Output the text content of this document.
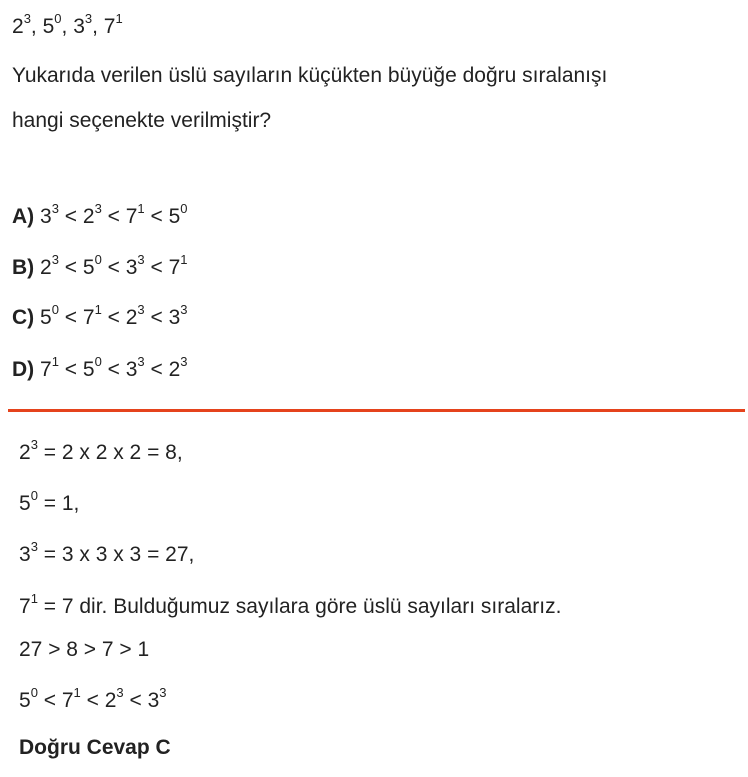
$2^3$, $5^0$, $3^3$, $7^1$
Yukarıda verilen üslü sayıların küçükten büyüğe doğru sıralanışı
hangi seçenekte verilmiştir?
A) $3^3 < 2^3 < 7^1 < 5^0$
B) $2^3 < 5^0 < 3^3 < 7^1$
C) $5^0 < 7^1 < 2^3 < 3^3$
D) $7^1 < 5^0 < 3^3 < 2^3$
$2^3 = 2$ x 2 x 2 = 8,
$5^0 = 1$,
$3^3 = 3$ x 3 x 3 = 27,
$7^1 = 7$ dir. Bulduğumuz sayılara göre üslü sayıları sıralarız.
27 > 8 > 7 > 1
$5^0 < 7^1 < 2^3 < 3^3$
Doğru Cevap C
